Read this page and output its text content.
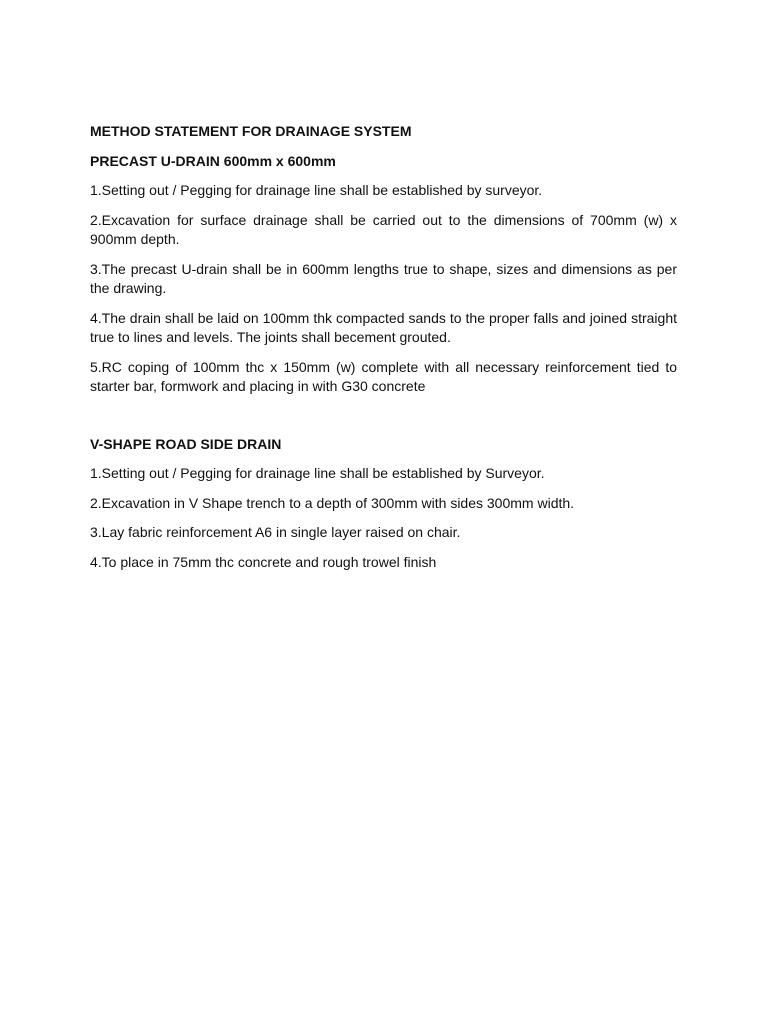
METHOD STATEMENT FOR DRAINAGE SYSTEM
PRECAST U-DRAIN 600mm x 600mm
1.Setting out / Pegging for drainage line shall be established by surveyor.
2.Excavation for surface drainage shall be carried out to the dimensions of 700mm (w) x 900mm depth.
3.The precast U-drain shall be in 600mm lengths true to shape, sizes and dimensions as per the drawing.
4.The drain shall be laid on 100mm thk compacted sands to the proper falls and joined straight true to lines and levels. The joints shall becement grouted.
5.RC coping of 100mm thc x 150mm (w) complete with all necessary reinforcement tied to starter bar, formwork and placing in with G30 concrete
V-SHAPE ROAD SIDE DRAIN
1.Setting out / Pegging for drainage line shall be established by Surveyor.
2.Excavation in V Shape trench to a depth of 300mm with sides 300mm width.
3.Lay fabric reinforcement A6 in single layer raised on chair.
4.To place in 75mm thc concrete and rough trowel finish
